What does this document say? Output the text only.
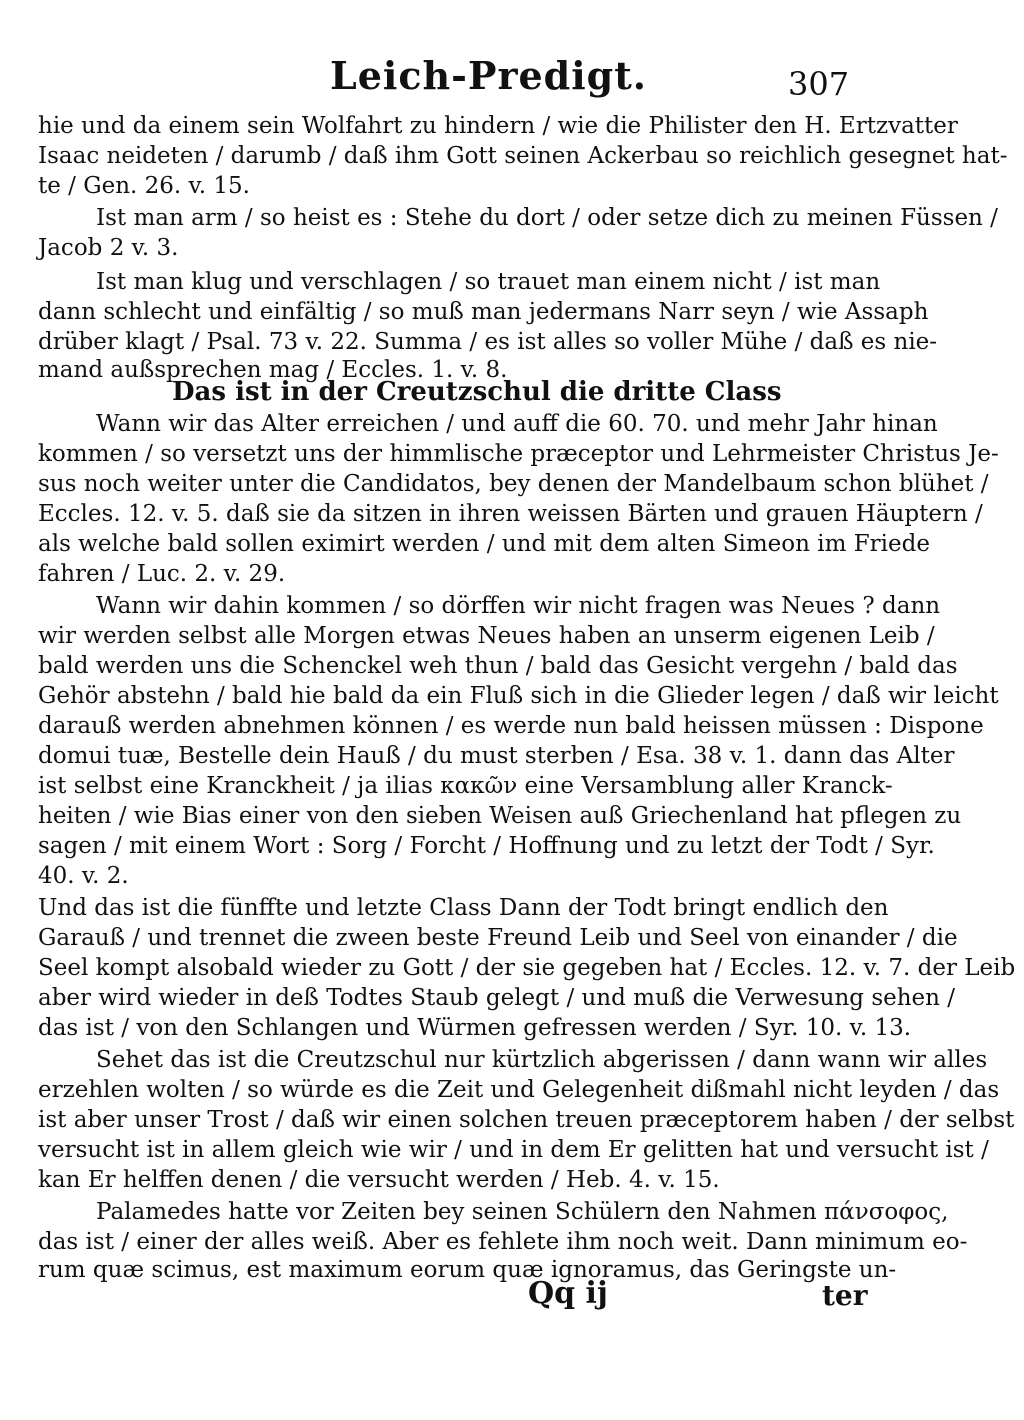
Leich-Predigt.	307
hie und da einem sein Wolfahrt zu hindern / wie die Philister den H. Ertzvatter
Isaac neideten / darumb / daß ihm Gott seinen Ackerbau so reichlich gesegnet hat-
te / Gen. 26. v. 15.
Ist man arm / so heist es : Stehe du dort / oder setze dich zu meinen Füssen /
Jacob 2 v. 3.
Ist man klug und verschlagen / so trauet man einem nicht / ist man
dann schlecht und einfältig / so muß man jedermans Narr seyn / wie Assaph
drüber klagt / Psal. 73 v. 22. Summa / es ist alles so voller Mühe / daß es nie-
mand außsprechen mag / Eccles. 1. v. 8.
Das ist in der Creutzschul die dritte Class
Wann wir das Alter erreichen / und auff die 60. 70. und mehr Jahr hinan
kommen / so versetzt uns der himmlische præceptor und Lehrmeister Christus Je-
sus noch weiter unter die Candidatos, bey denen der Mandelbaum schon blühet /
Eccles. 12. v. 5. daß sie da sitzen in ihren weissen Bärten und grauen Häuptern /
als welche bald sollen eximirt werden / und mit dem alten Simeon im Friede
fahren / Luc. 2. v. 29.
Wann wir dahin kommen / so dörffen wir nicht fragen was Neues ? dann
wir werden selbst alle Morgen etwas Neues haben an unserm eigenen Leib /
bald werden uns die Schenckel weh thun / bald das Gesicht vergehn / bald das
Gehör abstehn / bald hie bald da ein Fluß sich in die Glieder legen / daß wir leicht
darauß werden abnehmen können / es werde nun bald heissen müssen : Dispone
domui tuæ, Bestelle dein Hauß / du must sterben / Esa. 38 v. 1. dann das Alter
ist selbst eine Kranckheit / ja ilias κακῶν eine Versamblung aller Kranck-
heiten / wie Bias einer von den sieben Weisen auß Griechenland hat pflegen zu
sagen / mit einem Wort : Sorg / Forcht / Hoffnung und zu letzt der Todt / Syr.
40. v. 2.
Und das ist die fünffte und letzte Class Dann der Todt bringt endlich den
Garauß / und trennet die zween beste Freund Leib und Seel von einander / die
Seel kompt alsobald wieder zu Gott / der sie gegeben hat / Eccles. 12. v. 7. der Leib
aber wird wieder in deß Todtes Staub gelegt / und muß die Verwesung sehen /
das ist / von den Schlangen und Würmen gefressen werden / Syr. 10. v. 13.
Sehet das ist die Creutzschul nur kürtzlich abgerissen / dann wann wir alles
erzehlen wolten / so würde es die Zeit und Gelegenheit dißmahl nicht leyden / das
ist aber unser Trost / daß wir einen solchen treuen præceptorem haben / der selbst
versucht ist in allem gleich wie wir / und in dem Er gelitten hat und versucht ist /
kan Er helffen denen / die versucht werden / Heb. 4. v. 15.
Palamedes hatte vor Zeiten bey seinen Schülern den Nahmen πάνσοφος,
das ist / einer der alles weiß. Aber es fehlete ihm noch weit. Dann minimum eo-
rum quæ scimus, est maximum eorum quæ ignoramus, das Geringste un-
Qq ij	ter
